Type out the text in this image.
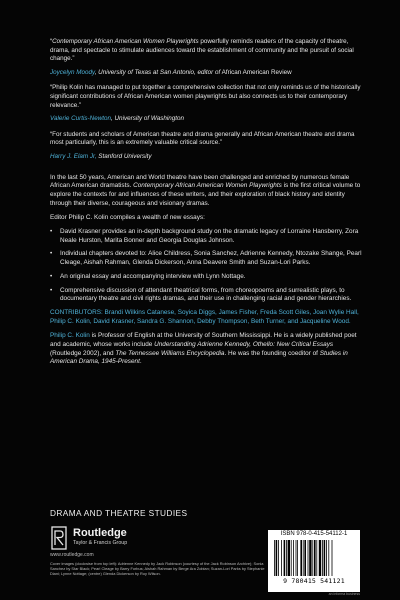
“Contemporary African American Women Playwrights powerfully reminds readers of the capacity of theatre, drama, and spectacle to stimulate audiences toward the establishment of community and the pursuit of social change.”

Joycelyn Moody, University of Texas at San Antonio, editor of African American Review

“Philip Kolin has managed to put together a comprehensive collection that not only reminds us of the historically significant contributions of African American women playwrights but also connects us to their contemporary relevance.”

Valerie Curtis-Newton, University of Washington

“For students and scholars of American theatre and drama generally and African American theatre and drama most particularly, this is an extremely valuable critical source.”

Harry J. Elam Jr, Stanford University

In the last 50 years, American and World theatre have been challenged and enriched by numerous female African American dramatists. Contemporary African American Women Playwrights is the first critical volume to explore the contexts for and influences of these writers, and their exploration of black history and identity through their diverse, courageous and visionary dramas.

Editor Philip C. Kolin compiles a wealth of new essays:

• David Krasner provides an in-depth background study on the dramatic legacy of Lorraine Hansberry, Zora Neale Hurston, Marita Bonner and Georgia Douglas Johnson.
• Individual chapters devoted to: Alice Childress, Sonia Sanchez, Adrienne Kennedy, Ntozake Shange, Pearl Cleage, Aishah Rahman, Glenda Dickerson, Anna Deavere Smith and Suzan-Lori Parks.
• An original essay and accompanying interview with Lynn Nottage.
• Comprehensive discussion of attendant theatrical forms, from choreopoems and surrealistic plays, to documentary theatre and civil rights dramas, and their use in challenging racial and gender hierarchies.

CONTRIBUTORS: Brandi Wilkins Catanese, Soyica Diggs, James Fisher, Freda Scott Giles, Joan Wylie Hall, Philip C. Kolin, David Krasner, Sandra G. Shannon, Debby Thompson, Beth Turner, and Jacqueline Wood.

Philip C. Kolin is Professor of English at the University of Southern Mississippi. He is a widely published poet and academic, whose works include Understanding Adrienne Kennedy, Othello: New Critical Essays (Routledge 2002), and The Tennessee Williams Encyclopedia. He was the founding coeditor of Studies in American Drama, 1945-Present.

DRAMA AND THEATRE STUDIES
Routledge
Taylor & Francis Group
www.routledge.com
Cover images (clockwise from top left): Adrienne Kennedy by Jack Robinson (courtesy of the Jack Robinson Archive); Sonia Sanchez by Star Black; Pearl Cleage by Barry Forbus; Aishah Rahman by Berge Ara Zobian; Suzan-Lori Parks by Stephanie Diani; Lynne Nottage; (centre) Glenda Dickerson by Roy Wilson.
ISBN 978-0-415-54112-1
9 780415 541121
an informa business
